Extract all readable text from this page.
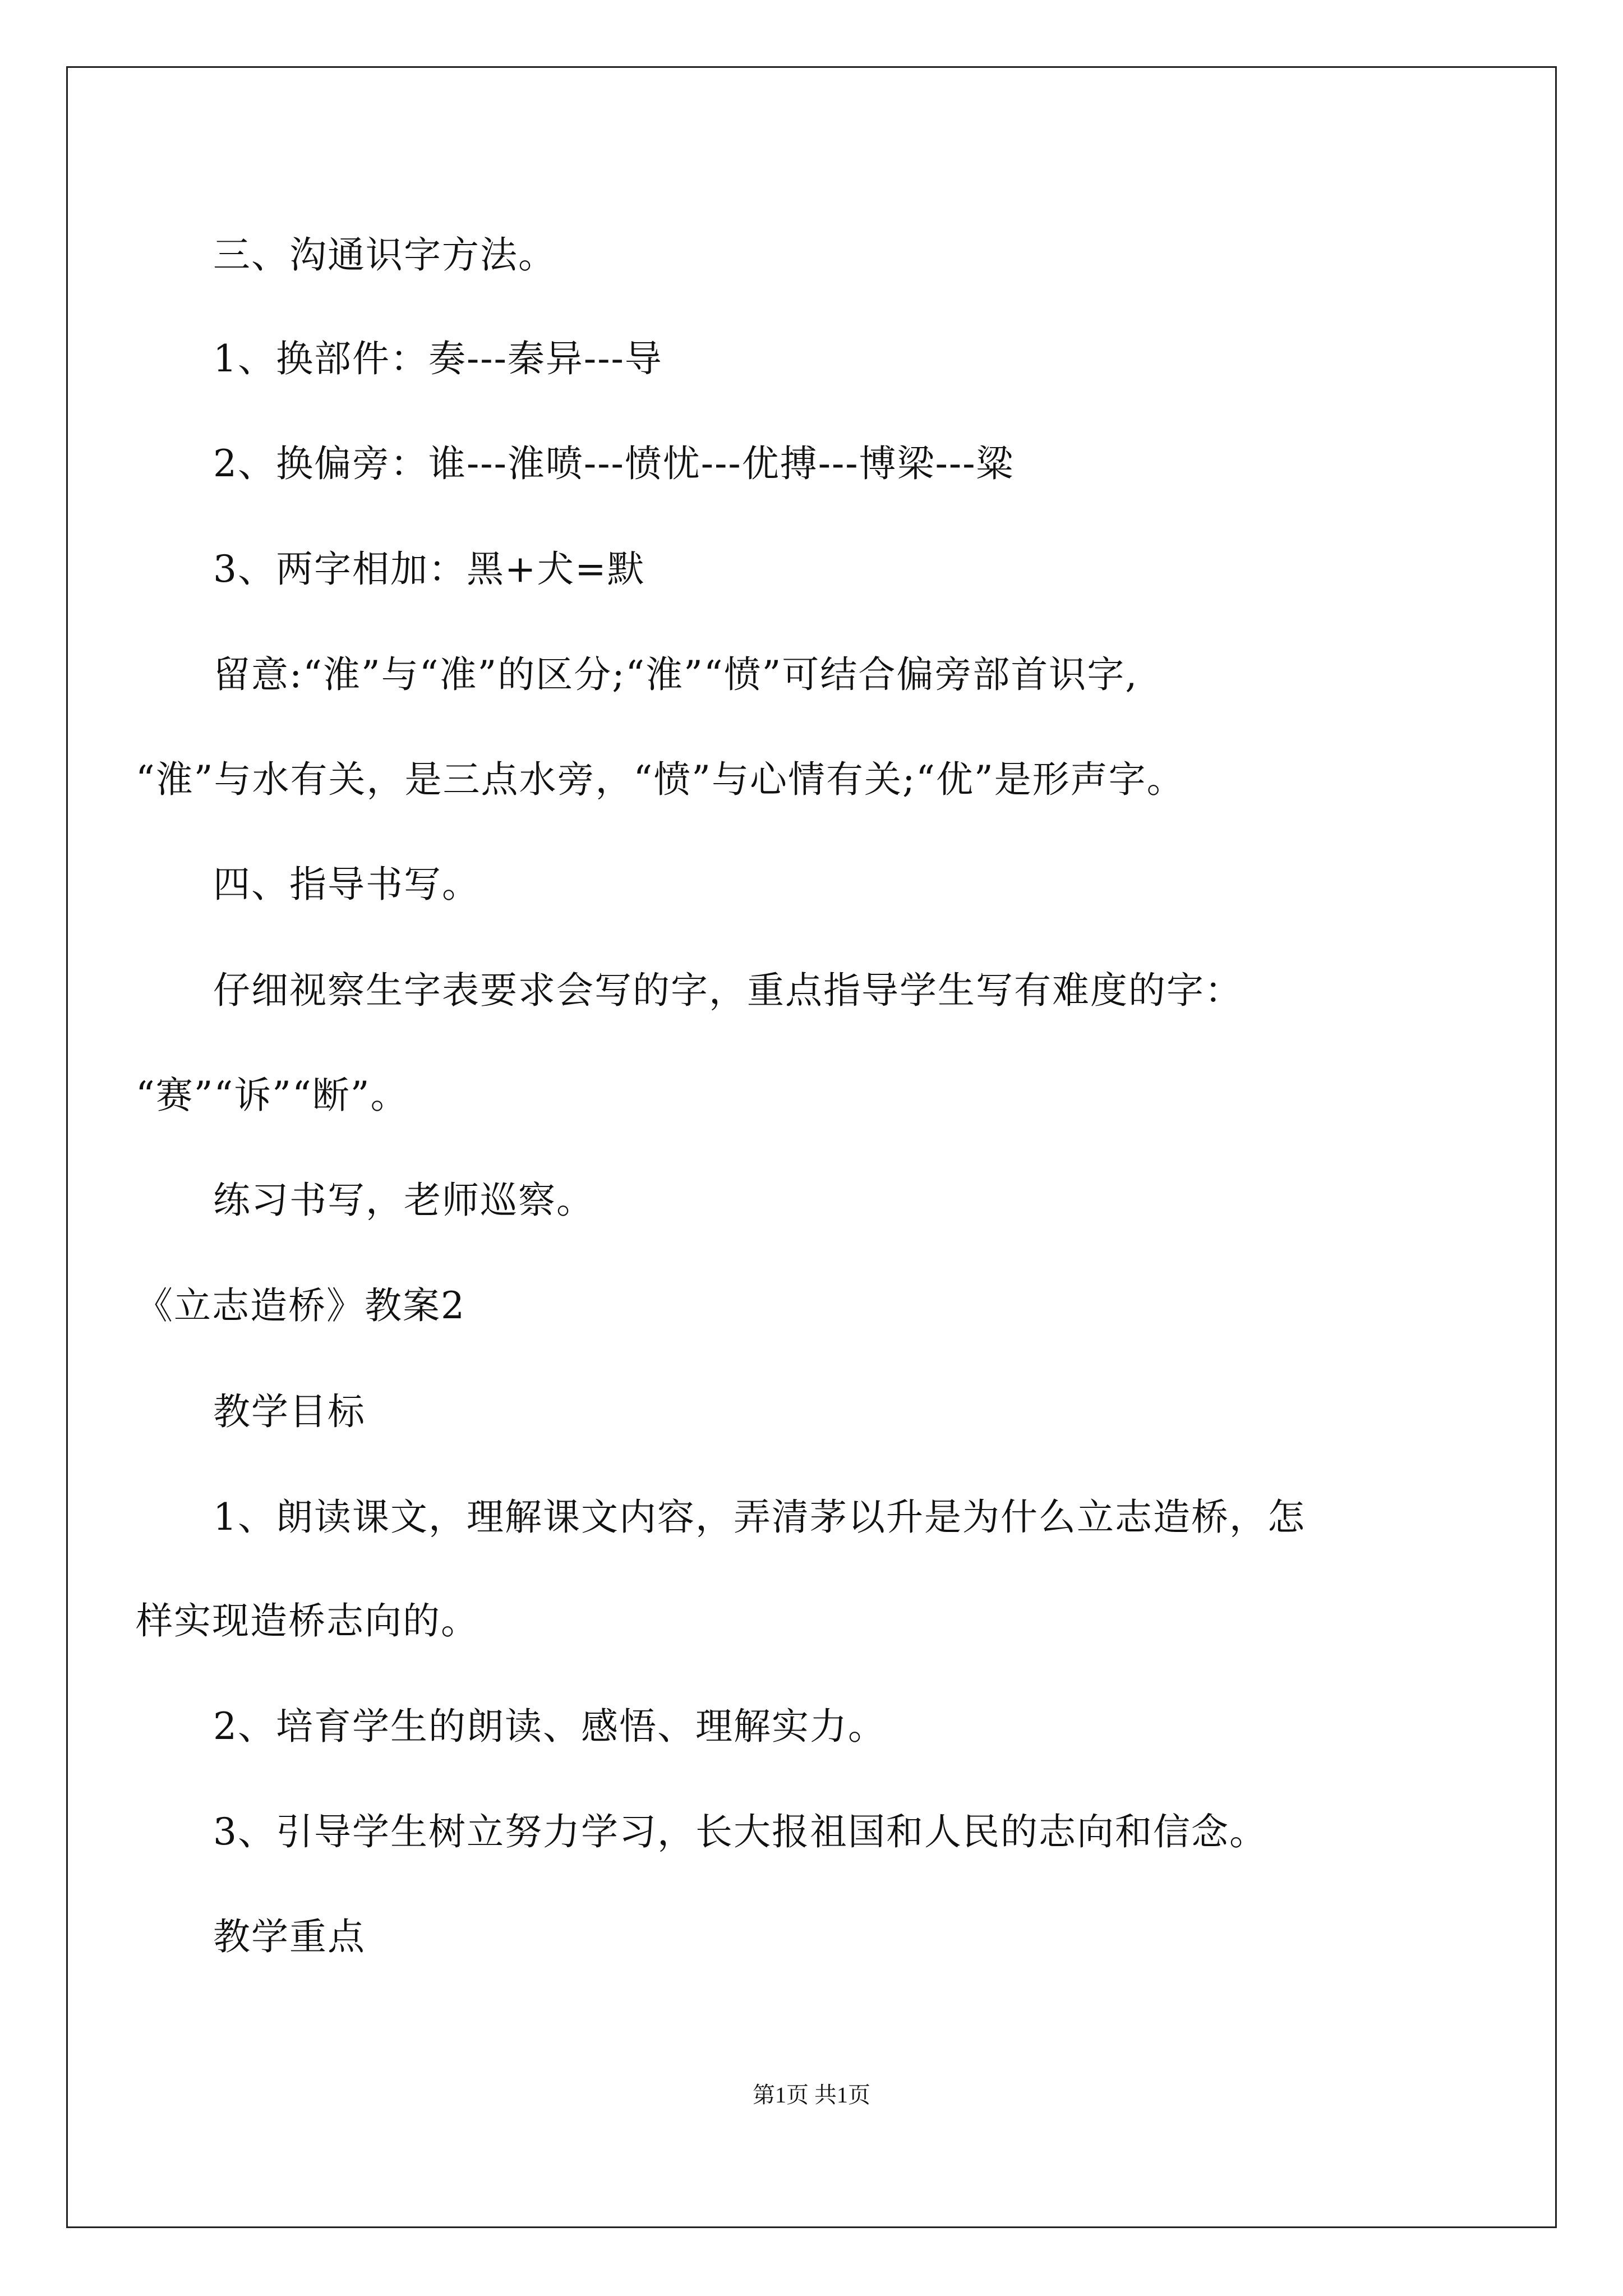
三、沟通识字方法。
1、换部件：奏---秦异---导
2、换偏旁：谁---淮喷---愤忧---优搏---博梁---粱
3、两字相加：黑+犬=默
留意:“淮”与“准”的区分;“淮”“愤”可结合偏旁部首识字,
“淮”与水有关，是三点水旁，“愤”与心情有关;“优”是形声字。
四、指导书写。
仔细视察生字表要求会写的字，重点指导学生写有难度的字：
“赛”“诉”“断”。
练习书写，老师巡察。
《立志造桥》教案2
教学目标
1、朗读课文，理解课文内容，弄清茅以升是为什么立志造桥，怎
样实现造桥志向的。
2、培育学生的朗读、感悟、理解实力。
3、引导学生树立努力学习，长大报祖国和人民的志向和信念。
教学重点
第1页 共1页
